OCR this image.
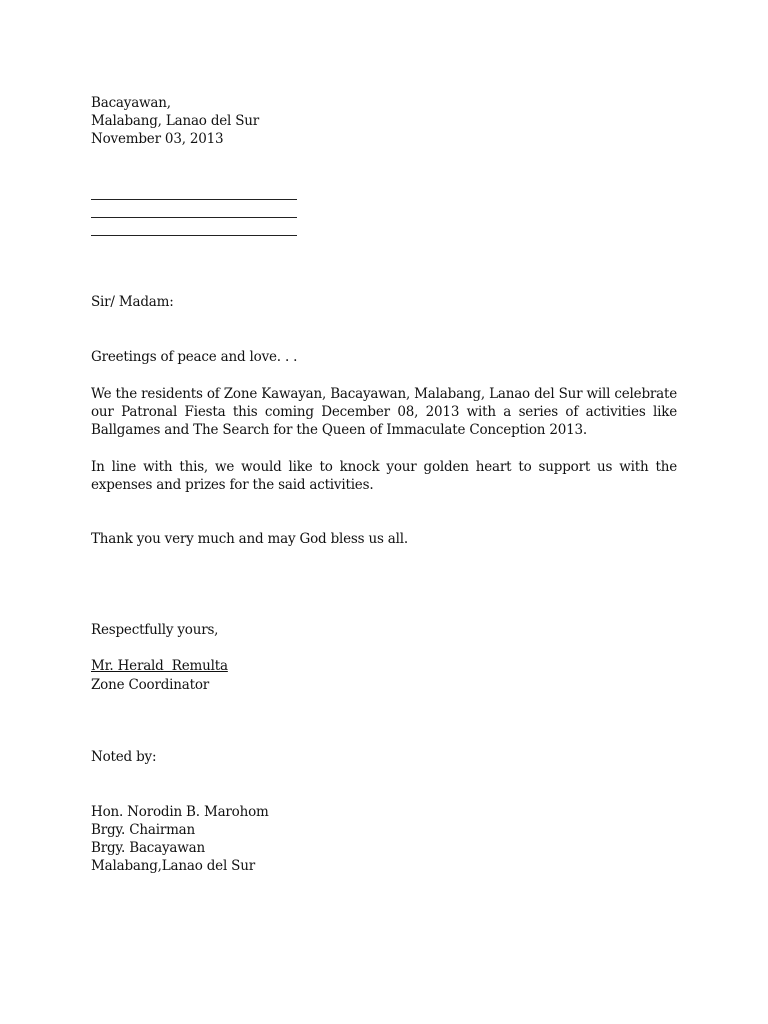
Bacayawan,
Malabang, Lanao del Sur
November 03, 2013
Sir/ Madam:
Greetings of peace and love. . .
We the residents of Zone Kawayan, Bacayawan, Malabang, Lanao del Sur will celebrate our Patronal Fiesta this coming December 08, 2013 with a series of activities like Ballgames and The Search for the Queen of Immaculate Conception 2013.
In line with this, we would like to knock your golden heart to support us with the expenses and prizes for the said activities.
Thank you very much and may God bless us all.
Respectfully yours,
Mr. Herald  Remulta
Zone Coordinator
Noted by:
Hon. Norodin B. Marohom
Brgy. Chairman
Brgy. Bacayawan
Malabang,Lanao del Sur
